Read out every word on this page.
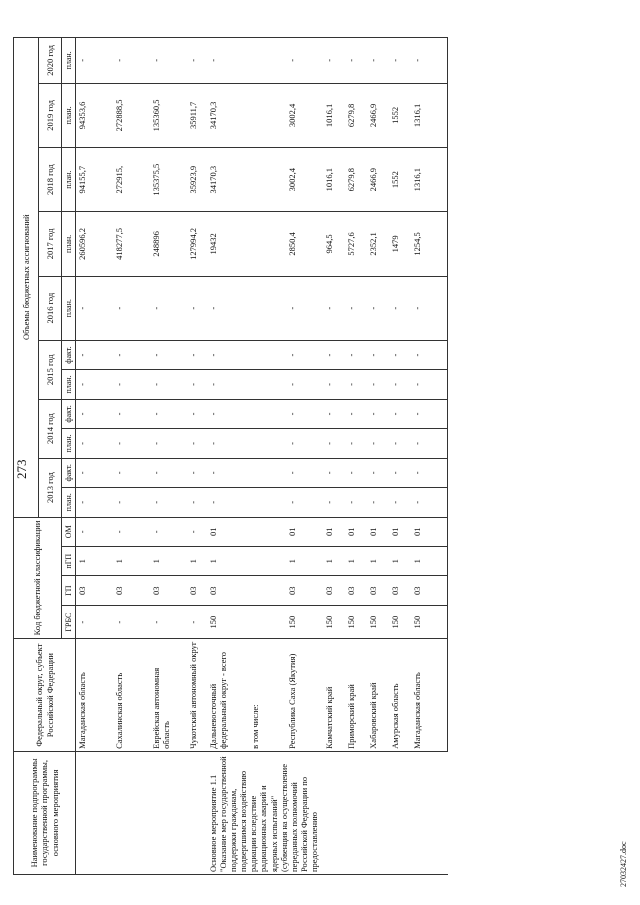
273
Наименование подпрограммы государственной программы, основного мероприятия	Федеральный округ, субъект Российской Федерации	Код бюджетной классификации				Объемы бюджетных ассигнований										
						2013 год		2014 год		2015 год		2016 год	2017 год	2018 год	2019 год	2020 год
		ГРБС	ГП	пГП	ОМ	план.	факт.	план.	факт.	план.	факт.	план.	план.	план.	план.	план.
	Магаданская область	-	03	1	-	-	-	-	-	-	-	-	260596,2	94155,7	94353,6	-
	Сахалинская область	-	03	1	-	-	-	-	-	-	-	-	418277,5	272915,	272888,5	-
	Еврейская автономная область	-	03	1	-	-	-	-	-	-	-	-	248896	135375,5	135360,5	-
	Чукотский автономный округ	-	03	1	-	-	-	-	-	-	-	-	127994,2	35923,9	35911,7	-
Основное мероприятие 1.1 "Оказание мер государственной поддержки гражданам, подвергшимся воздействию радиации вследствие радиационных аварий и ядерных испытаний" (субвенция на осуществление переданных полномочий Российской Федерации по предоставлению	Дальневосточный федеральный округ - всего	150	03	1	01	-	-	-	-	-	-	-	19432	34170,3	34170,3	-
	в том числе:															
	Республика Саха (Якутия)	150	03	1	01	-	-	-	-	-	-	-	2850,4	3002,4	3002,4	-
	Камчатский край	150	03	1	01	-	-	-	-	-	-	-	964,5	1016,1	1016,1	-
	Приморский край	150	03	1	01	-	-	-	-	-	-	-	5727,6	6279,8	6279,8	-
	Хабаровский край	150	03	1	01	-	-	-	-	-	-	-	2352,1	2466,9	2466,9	-
	Амурская область	150	03	1	01	-	-	-	-	-	-	-	1479	1552	1552	-
	Магаданская область	150	03	1	01	-	-	-	-	-	-	-	1254,5	1316,1	1316,1	-
27032427.doc
